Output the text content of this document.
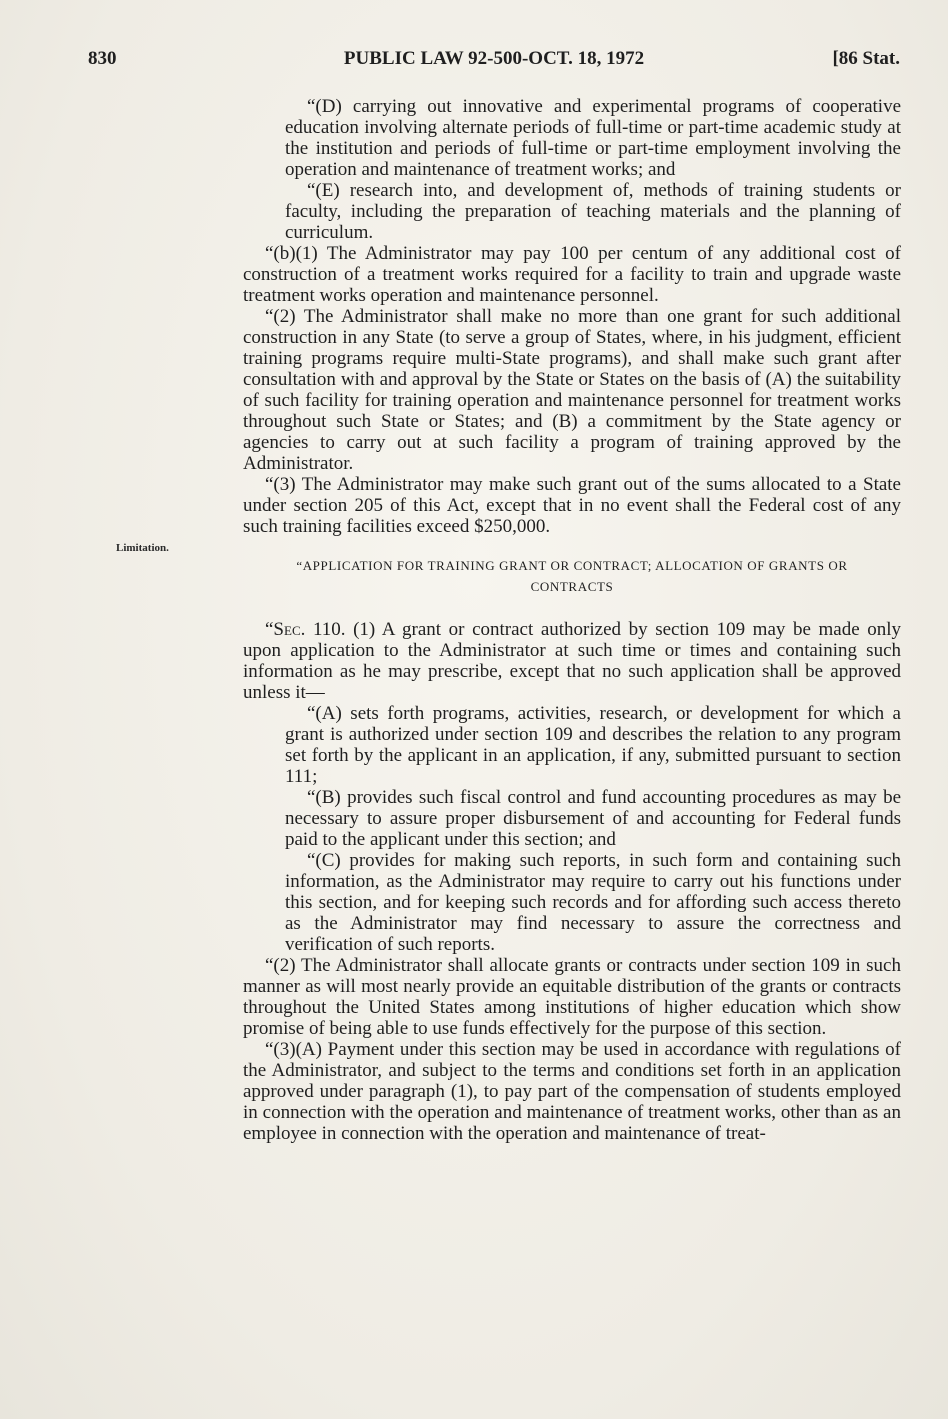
830	PUBLIC LAW 92-500-OCT. 18, 1972	[86 Stat.
Limitation.

“(D) carrying out innovative and experimental programs of cooperative education involving alternate periods of full-time or part-time academic study at the institution and periods of full-time or part-time employment involving the operation and maintenance of treatment works; and

“(E) research into, and development of, methods of training students or faculty, including the preparation of teaching materials and the planning of curriculum.

“(b)(1) The Administrator may pay 100 per centum of any additional cost of construction of a treatment works required for a facility to train and upgrade waste treatment works operation and maintenance personnel.

“(2) The Administrator shall make no more than one grant for such additional construction in any State (to serve a group of States, where, in his judgment, efficient training programs require multi-State programs), and shall make such grant after consultation with and approval by the State or States on the basis of (A) the suitability of such facility for training operation and maintenance personnel for treatment works throughout such State or States; and (B) a commitment by the State agency or agencies to carry out at such facility a program of training approved by the Administrator.

“(3) The Administrator may make such grant out of the sums allocated to a State under section 205 of this Act, except that in no event shall the Federal cost of any such training facilities exceed $250,000.

“APPLICATION FOR TRAINING GRANT OR CONTRACT; ALLOCATION OF GRANTS OR CONTRACTS

“Sec. 110. (1) A grant or contract authorized by section 109 may be made only upon application to the Administrator at such time or times and containing such information as he may prescribe, except that no such application shall be approved unless it—

“(A) sets forth programs, activities, research, or development for which a grant is authorized under section 109 and describes the relation to any program set forth by the applicant in an application, if any, submitted pursuant to section 111;

“(B) provides such fiscal control and fund accounting procedures as may be necessary to assure proper disbursement of and accounting for Federal funds paid to the applicant under this section; and

“(C) provides for making such reports, in such form and containing such information, as the Administrator may require to carry out his functions under this section, and for keeping such records and for affording such access thereto as the Administrator may find necessary to assure the correctness and verification of such reports.

“(2) The Administrator shall allocate grants or contracts under section 109 in such manner as will most nearly provide an equitable distribution of the grants or contracts throughout the United States among institutions of higher education which show promise of being able to use funds effectively for the purpose of this section.

“(3)(A) Payment under this section may be used in accordance with regulations of the Administrator, and subject to the terms and conditions set forth in an application approved under paragraph (1), to pay part of the compensation of students employed in connection with the operation and maintenance of treatment works, other than as an employee in connection with the operation and maintenance of treat-
